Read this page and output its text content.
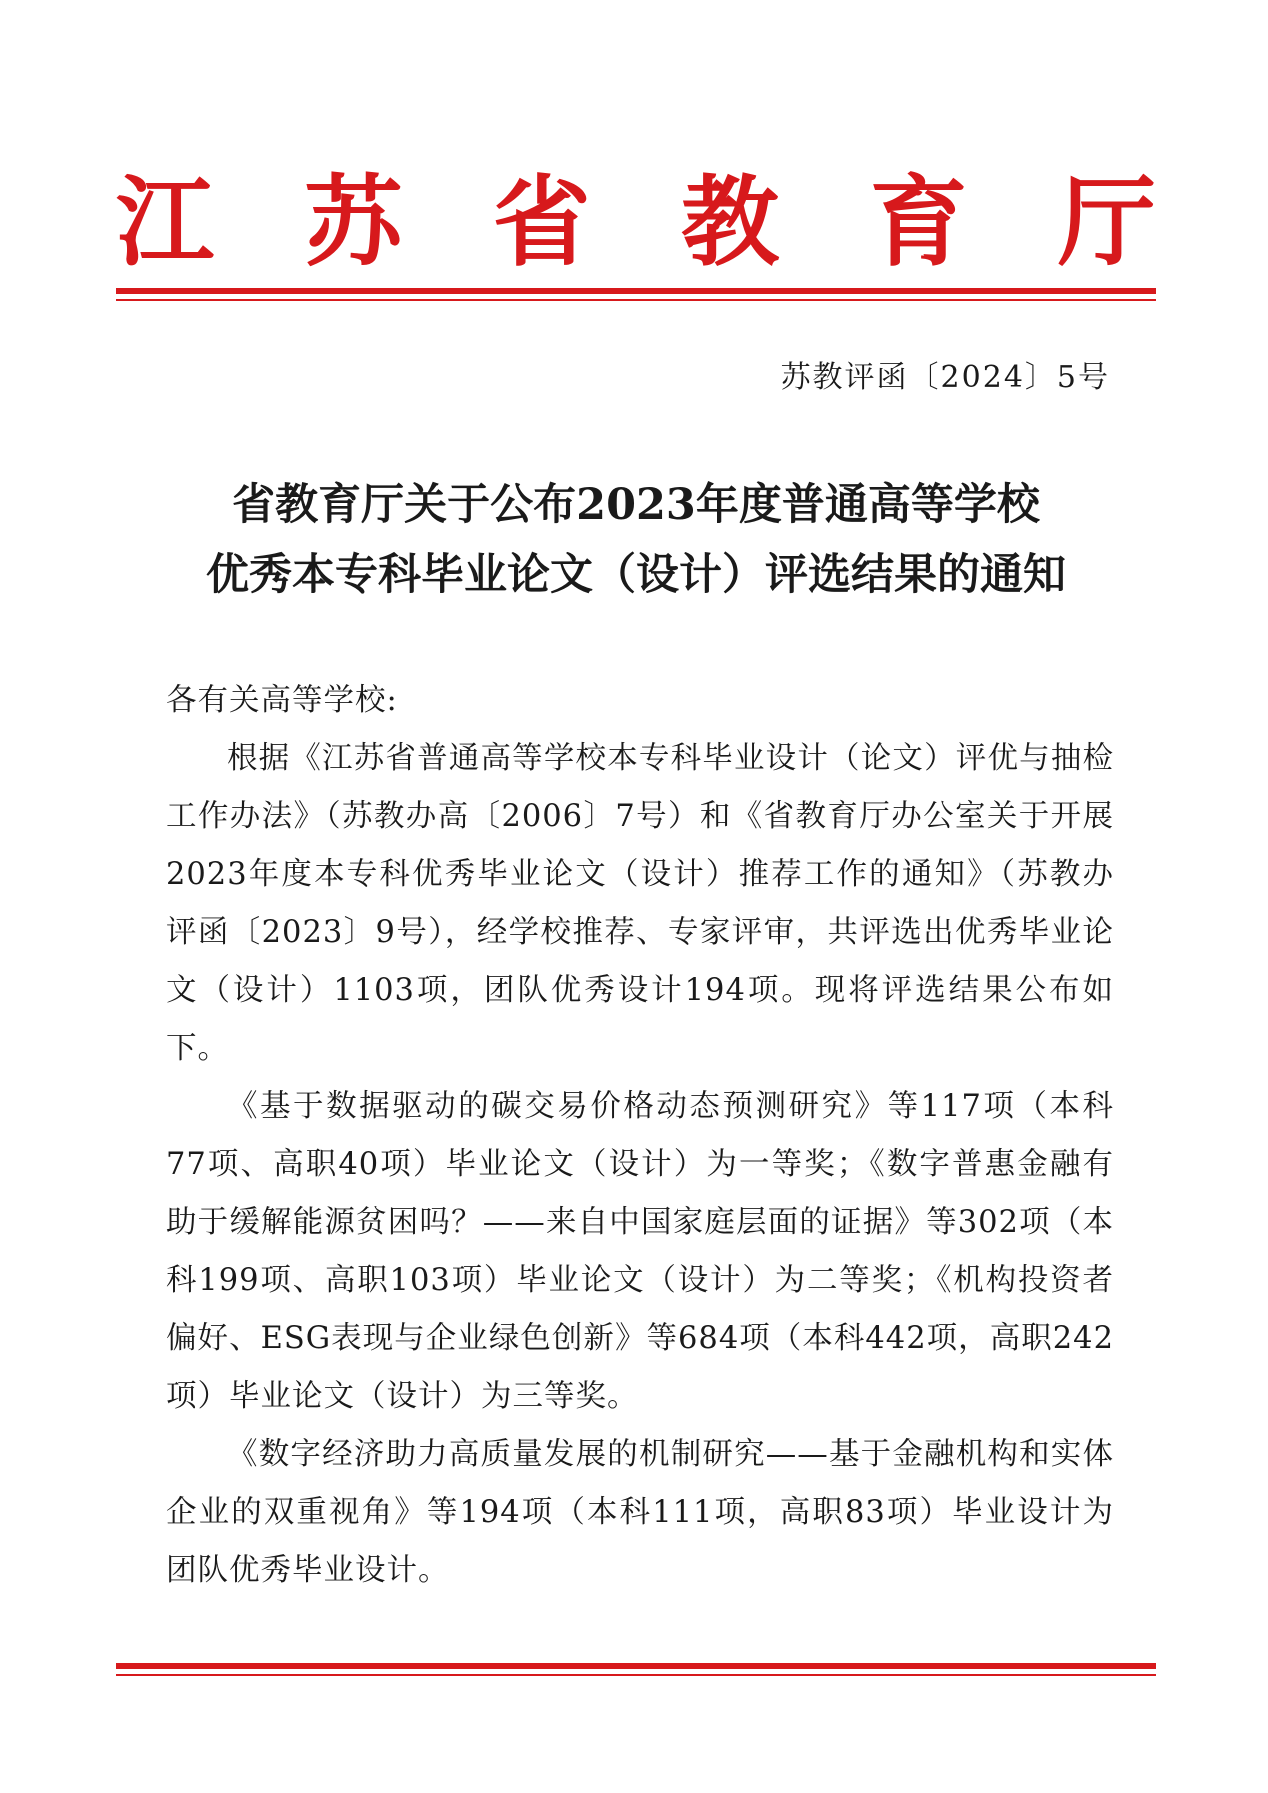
江 苏 省 教 育 厅
苏教评函〔2024〕5号
省教育厅关于公布2023年度普通高等学校
优秀本专科毕业论文（设计）评选结果的通知

各有关高等学校:

根据《江苏省普通高等学校本专科毕业设计（论文）评优与抽检工作办法》（苏教办高〔2006〕7号）和《省教育厅办公室关于开展2023年度本专科优秀毕业论文（设计）推荐工作的通知》（苏教办评函〔2023〕9号），经学校推荐、专家评审，共评选出优秀毕业论文（设计）1103项，团队优秀设计194项。现将评选结果公布如下。

《基于数据驱动的碳交易价格动态预测研究》等117项（本科77项、高职40项）毕业论文（设计）为一等奖；《数字普惠金融有助于缓解能源贫困吗？——来自中国家庭层面的证据》等302项（本科199项、高职103项）毕业论文（设计）为二等奖；《机构投资者偏好、ESG表现与企业绿色创新》等684项（本科442项，高职242项）毕业论文（设计）为三等奖。

《数字经济助力高质量发展的机制研究——基于金融机构和实体企业的双重视角》等194项（本科111项，高职83项）毕业设计为团队优秀毕业设计。
